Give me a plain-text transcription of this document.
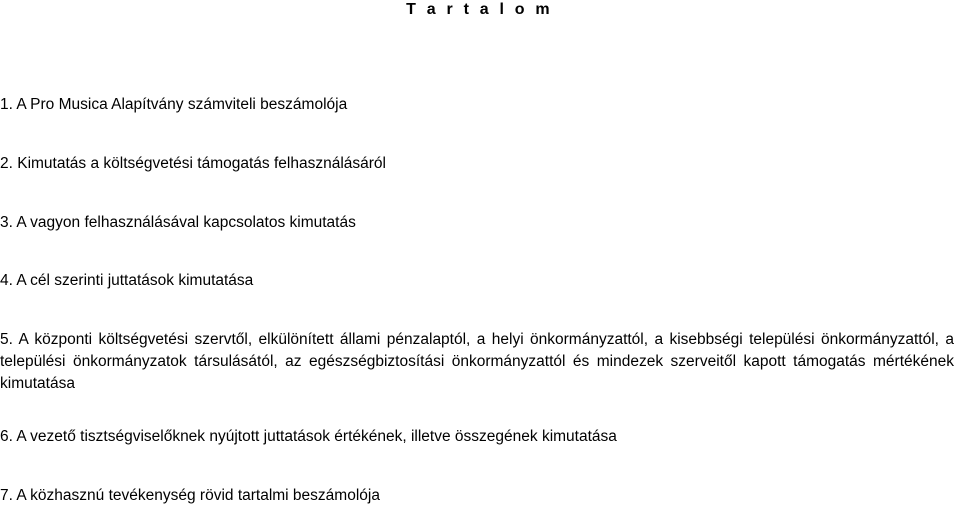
T a r t a l o m
1. A Pro Musica Alapítvány számviteli beszámolója
2. Kimutatás a költségvetési támogatás felhasználásáról
3. A vagyon felhasználásával kapcsolatos kimutatás
4. A cél szerinti juttatások kimutatása
5. A központi költségvetési szervtől, elkülönített állami pénzalaptól, a helyi önkormányzattól, a kisebbségi települési önkormányzattól, a települési önkormányzatok társulásától, az egészségbiztosítási önkormányzattól és mindezek szerveitől kapott támogatás mértékének kimutatása
6. A vezető tisztségviselőknek nyújtott juttatások értékének, illetve összegének kimutatása
7. A közhasznú tevékenység rövid tartalmi beszámolója
